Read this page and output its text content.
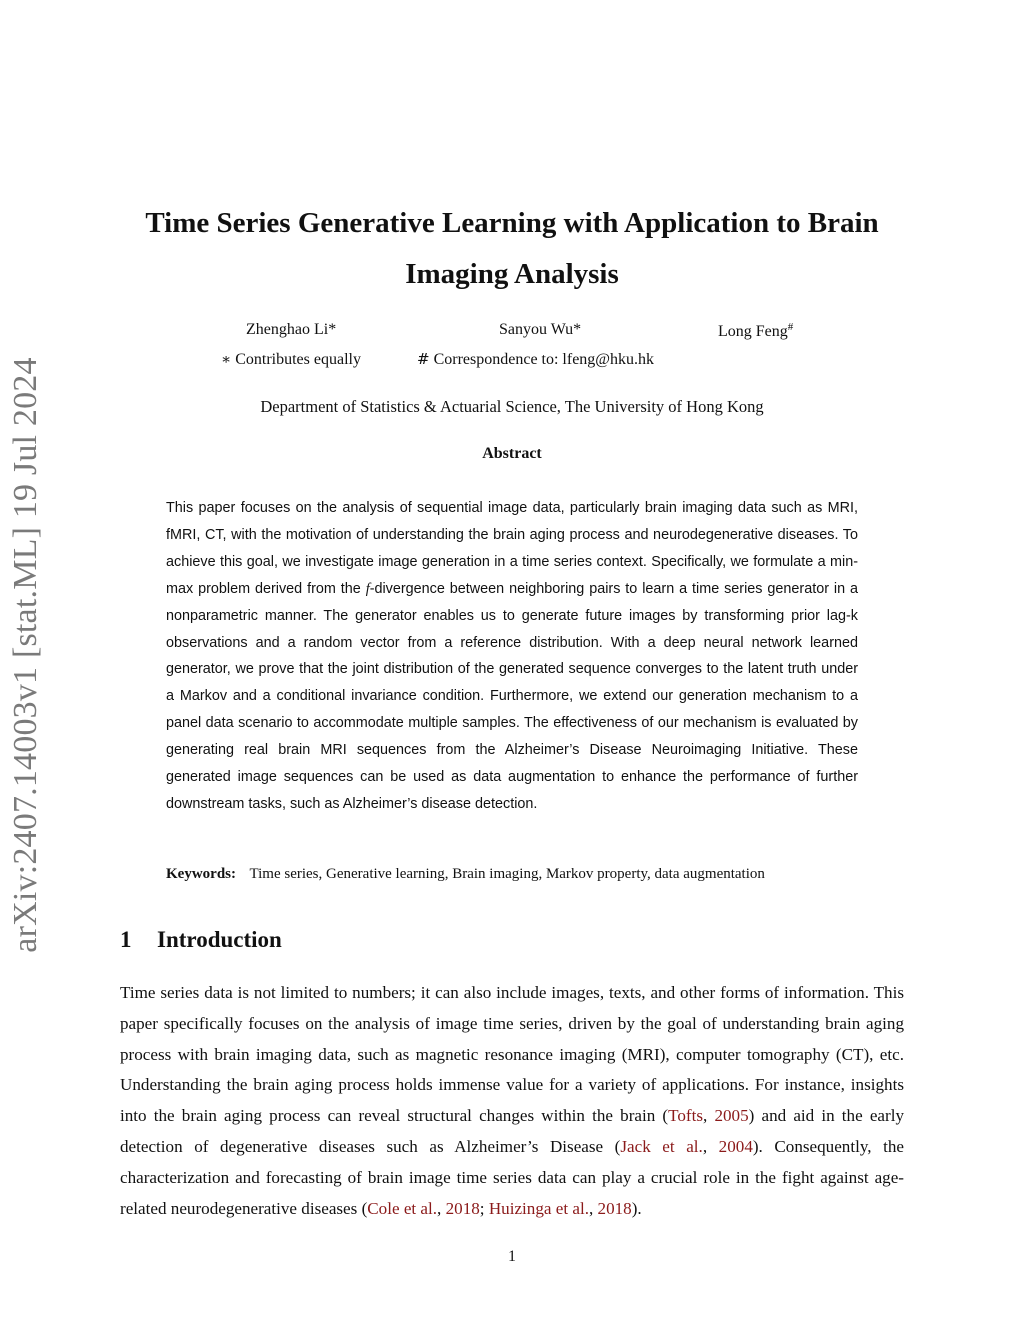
arXiv:2407.14003v1 [stat.ML] 19 Jul 2024
Time Series Generative Learning with Application to Brain Imaging Analysis
Zhenghao Li*	Sanyou Wu*	Long Feng#
∗ Contributes equally	# Correspondence to: lfeng@hku.hk
Department of Statistics & Actuarial Science, The University of Hong Kong
Abstract
This paper focuses on the analysis of sequential image data, particularly brain imaging data such as MRI, fMRI, CT, with the motivation of understanding the brain aging process and neurodegenerative diseases. To achieve this goal, we investigate image generation in a time series context. Specifically, we formulate a min-max problem derived from the f-divergence between neighboring pairs to learn a time series generator in a nonparametric manner. The generator enables us to generate future images by transforming prior lag-k observations and a random vector from a reference distribution. With a deep neural network learned generator, we prove that the joint distribution of the generated sequence converges to the latent truth under a Markov and a conditional invariance condition. Furthermore, we extend our generation mechanism to a panel data scenario to accommodate multiple samples. The effectiveness of our mechanism is evaluated by generating real brain MRI sequences from the Alzheimer’s Disease Neuroimaging Initiative. These generated image sequences can be used as data augmentation to enhance the performance of further downstream tasks, such as Alzheimer’s disease detection.
Keywords: Time series, Generative learning, Brain imaging, Markov property, data augmentation
1 Introduction
Time series data is not limited to numbers; it can also include images, texts, and other forms of information. This paper specifically focuses on the analysis of image time series, driven by the goal of understanding brain aging process with brain imaging data, such as magnetic resonance imaging (MRI), computer tomography (CT), etc. Understanding the brain aging process holds immense value for a variety of applications. For instance, insights into the brain aging process can reveal structural changes within the brain (Tofts, 2005) and aid in the early detection of degenerative diseases such as Alzheimer’s Disease (Jack et al., 2004). Consequently, the characterization and forecasting of brain image time series data can play a crucial role in the fight against age-related neurodegenerative diseases (Cole et al., 2018; Huizinga et al., 2018).
1
